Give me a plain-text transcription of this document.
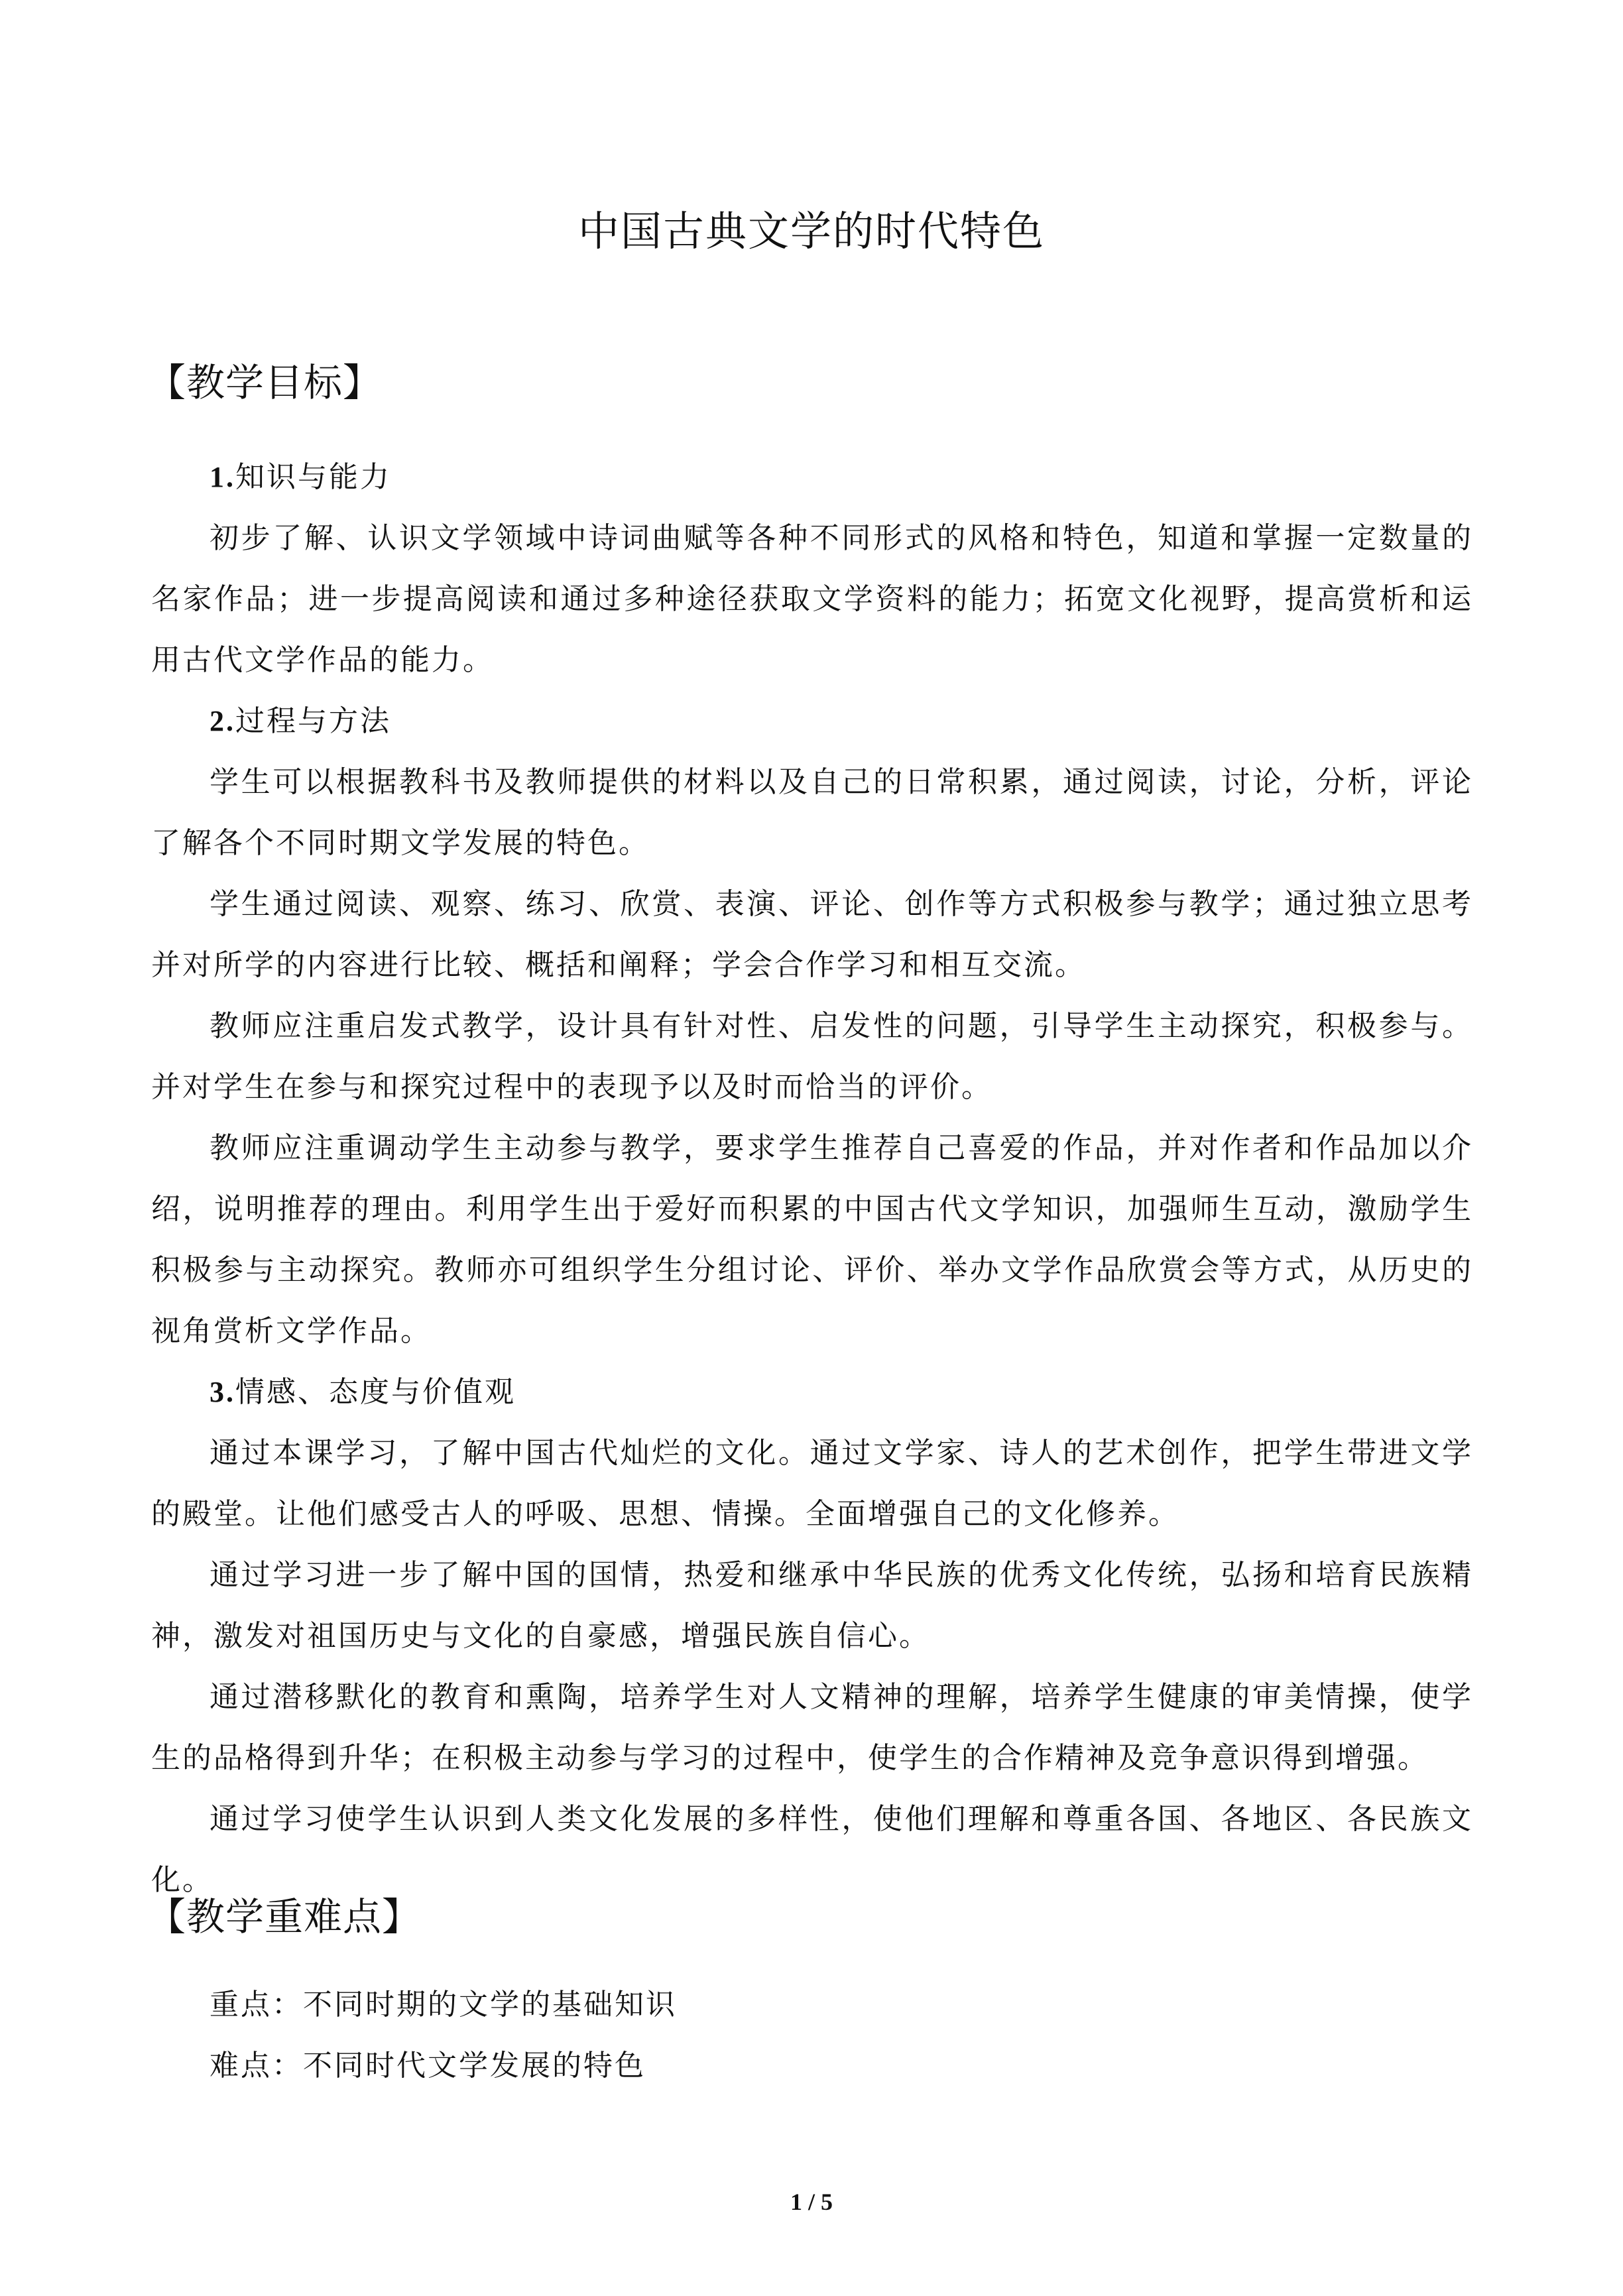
中国古典文学的时代特色
【教学目标】

1.知识与能力

初步了解、认识文学领域中诗词曲赋等各种不同形式的风格和特色，知道和掌握一定数量的名家作品；进一步提高阅读和通过多种途径获取文学资料的能力；拓宽文化视野，提高赏析和运用古代文学作品的能力。

2.过程与方法

学生可以根据教科书及教师提供的材料以及自己的日常积累，通过阅读，讨论，分析，评论了解各个不同时期文学发展的特色。

学生通过阅读、观察、练习、欣赏、表演、评论、创作等方式积极参与教学；通过独立思考并对所学的内容进行比较、概括和阐释；学会合作学习和相互交流。

教师应注重启发式教学，设计具有针对性、启发性的问题，引导学生主动探究，积极参与。并对学生在参与和探究过程中的表现予以及时而恰当的评价。

教师应注重调动学生主动参与教学，要求学生推荐自己喜爱的作品，并对作者和作品加以介绍，说明推荐的理由。利用学生出于爱好而积累的中国古代文学知识，加强师生互动，激励学生积极参与主动探究。教师亦可组织学生分组讨论、评价、举办文学作品欣赏会等方式，从历史的视角赏析文学作品。

3.情感、态度与价值观

通过本课学习，了解中国古代灿烂的文化。通过文学家、诗人的艺术创作，把学生带进文学的殿堂。让他们感受古人的呼吸、思想、情操。全面增强自己的文化修养。

通过学习进一步了解中国的国情，热爱和继承中华民族的优秀文化传统，弘扬和培育民族精神，激发对祖国历史与文化的自豪感，增强民族自信心。

通过潜移默化的教育和熏陶，培养学生对人文精神的理解，培养学生健康的审美情操，使学生的品格得到升华；在积极主动参与学习的过程中，使学生的合作精神及竞争意识得到增强。

通过学习使学生认识到人类文化发展的多样性，使他们理解和尊重各国、各地区、各民族文化。

【教学重难点】

重点：不同时期的文学的基础知识

难点：不同时代文学发展的特色

1 / 5
